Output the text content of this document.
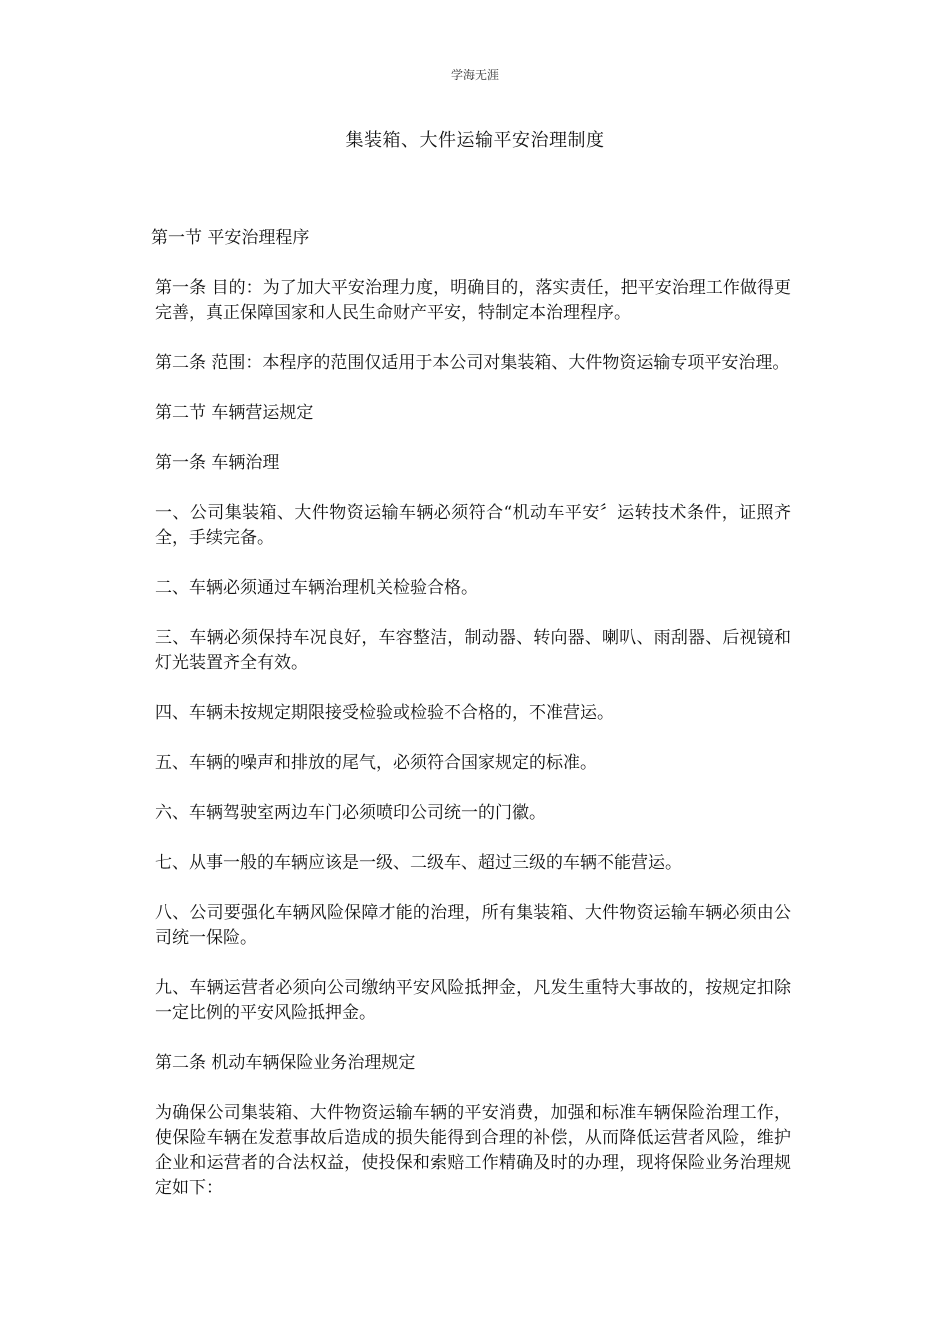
学海无涯
集装箱、大件运输平安治理制度

第一节 平安治理程序

第一条 目的：为了加大平安治理力度，明确目的，落实责任，把平安治理工作做得更完善，真正保障国家和人民生命财产平安，特制定本治理程序。

第二条 范围：本程序的范围仅适用于本公司对集装箱、大件物资运输专项平安治理。

第二节 车辆营运规定

第一条 车辆治理

一、公司集装箱、大件物资运输车辆必须符合“机动车平安〞运转技术条件，证照齐全，手续完备。

二、车辆必须通过车辆治理机关检验合格。

三、车辆必须保持车况良好，车容整洁，制动器、转向器、喇叭、雨刮器、后视镜和灯光装置齐全有效。

四、车辆未按规定期限接受检验或检验不合格的，不准营运。

五、车辆的噪声和排放的尾气，必须符合国家规定的标准。

六、车辆驾驶室两边车门必须喷印公司统一的门徽。

七、从事一般的车辆应该是一级、二级车、超过三级的车辆不能营运。

八、公司要强化车辆风险保障才能的治理，所有集装箱、大件物资运输车辆必须由公司统一保险。

九、车辆运营者必须向公司缴纳平安风险抵押金，凡发生重特大事故的，按规定扣除一定比例的平安风险抵押金。

第二条 机动车辆保险业务治理规定

为确保公司集装箱、大件物资运输车辆的平安消费，加强和标准车辆保险治理工作，使保险车辆在发惹事故后造成的损失能得到合理的补偿，从而降低运营者风险，维护企业和运营者的合法权益，使投保和索赔工作精确及时的办理，现将保险业务治理规定如下：
